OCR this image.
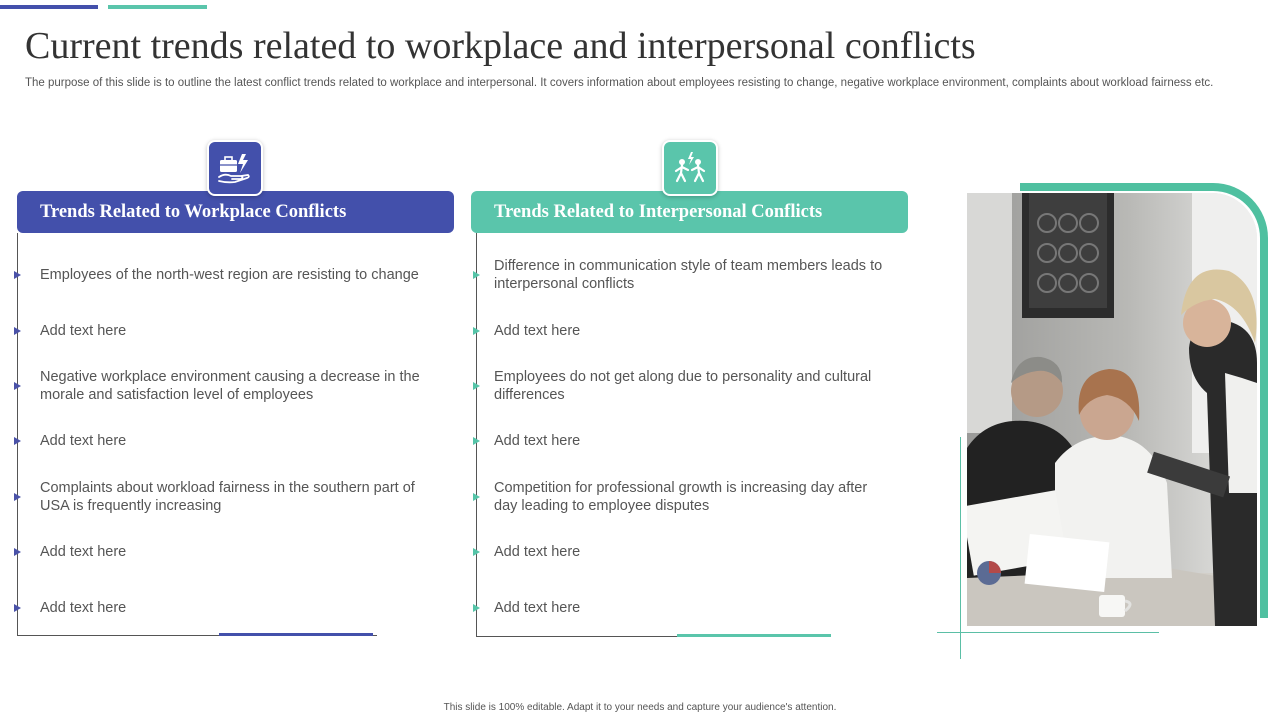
Current trends related to workplace and interpersonal conflicts

The purpose of this slide is to outline the latest conflict trends related to workplace and interpersonal. It covers information about employees resisting to change, negative workplace environment, complaints about workload fairness etc.

Trends Related to Workplace Conflicts
Employees of the north-west region are resisting to change
Add text here
Negative workplace environment causing a decrease in the morale and satisfaction level of employees
Add text here
Complaints about workload fairness in the southern part of USA is frequently increasing
Add text here
Add text here
Trends Related to Interpersonal Conflicts
Difference in communication style of team members leads to interpersonal conflicts
Add text here
Employees do not get along due to personality and cultural differences
Add text here
Competition for professional growth is increasing day after day leading to employee disputes
Add text here
Add text here
This slide is 100% editable. Adapt it to your needs and capture your audience's attention.
